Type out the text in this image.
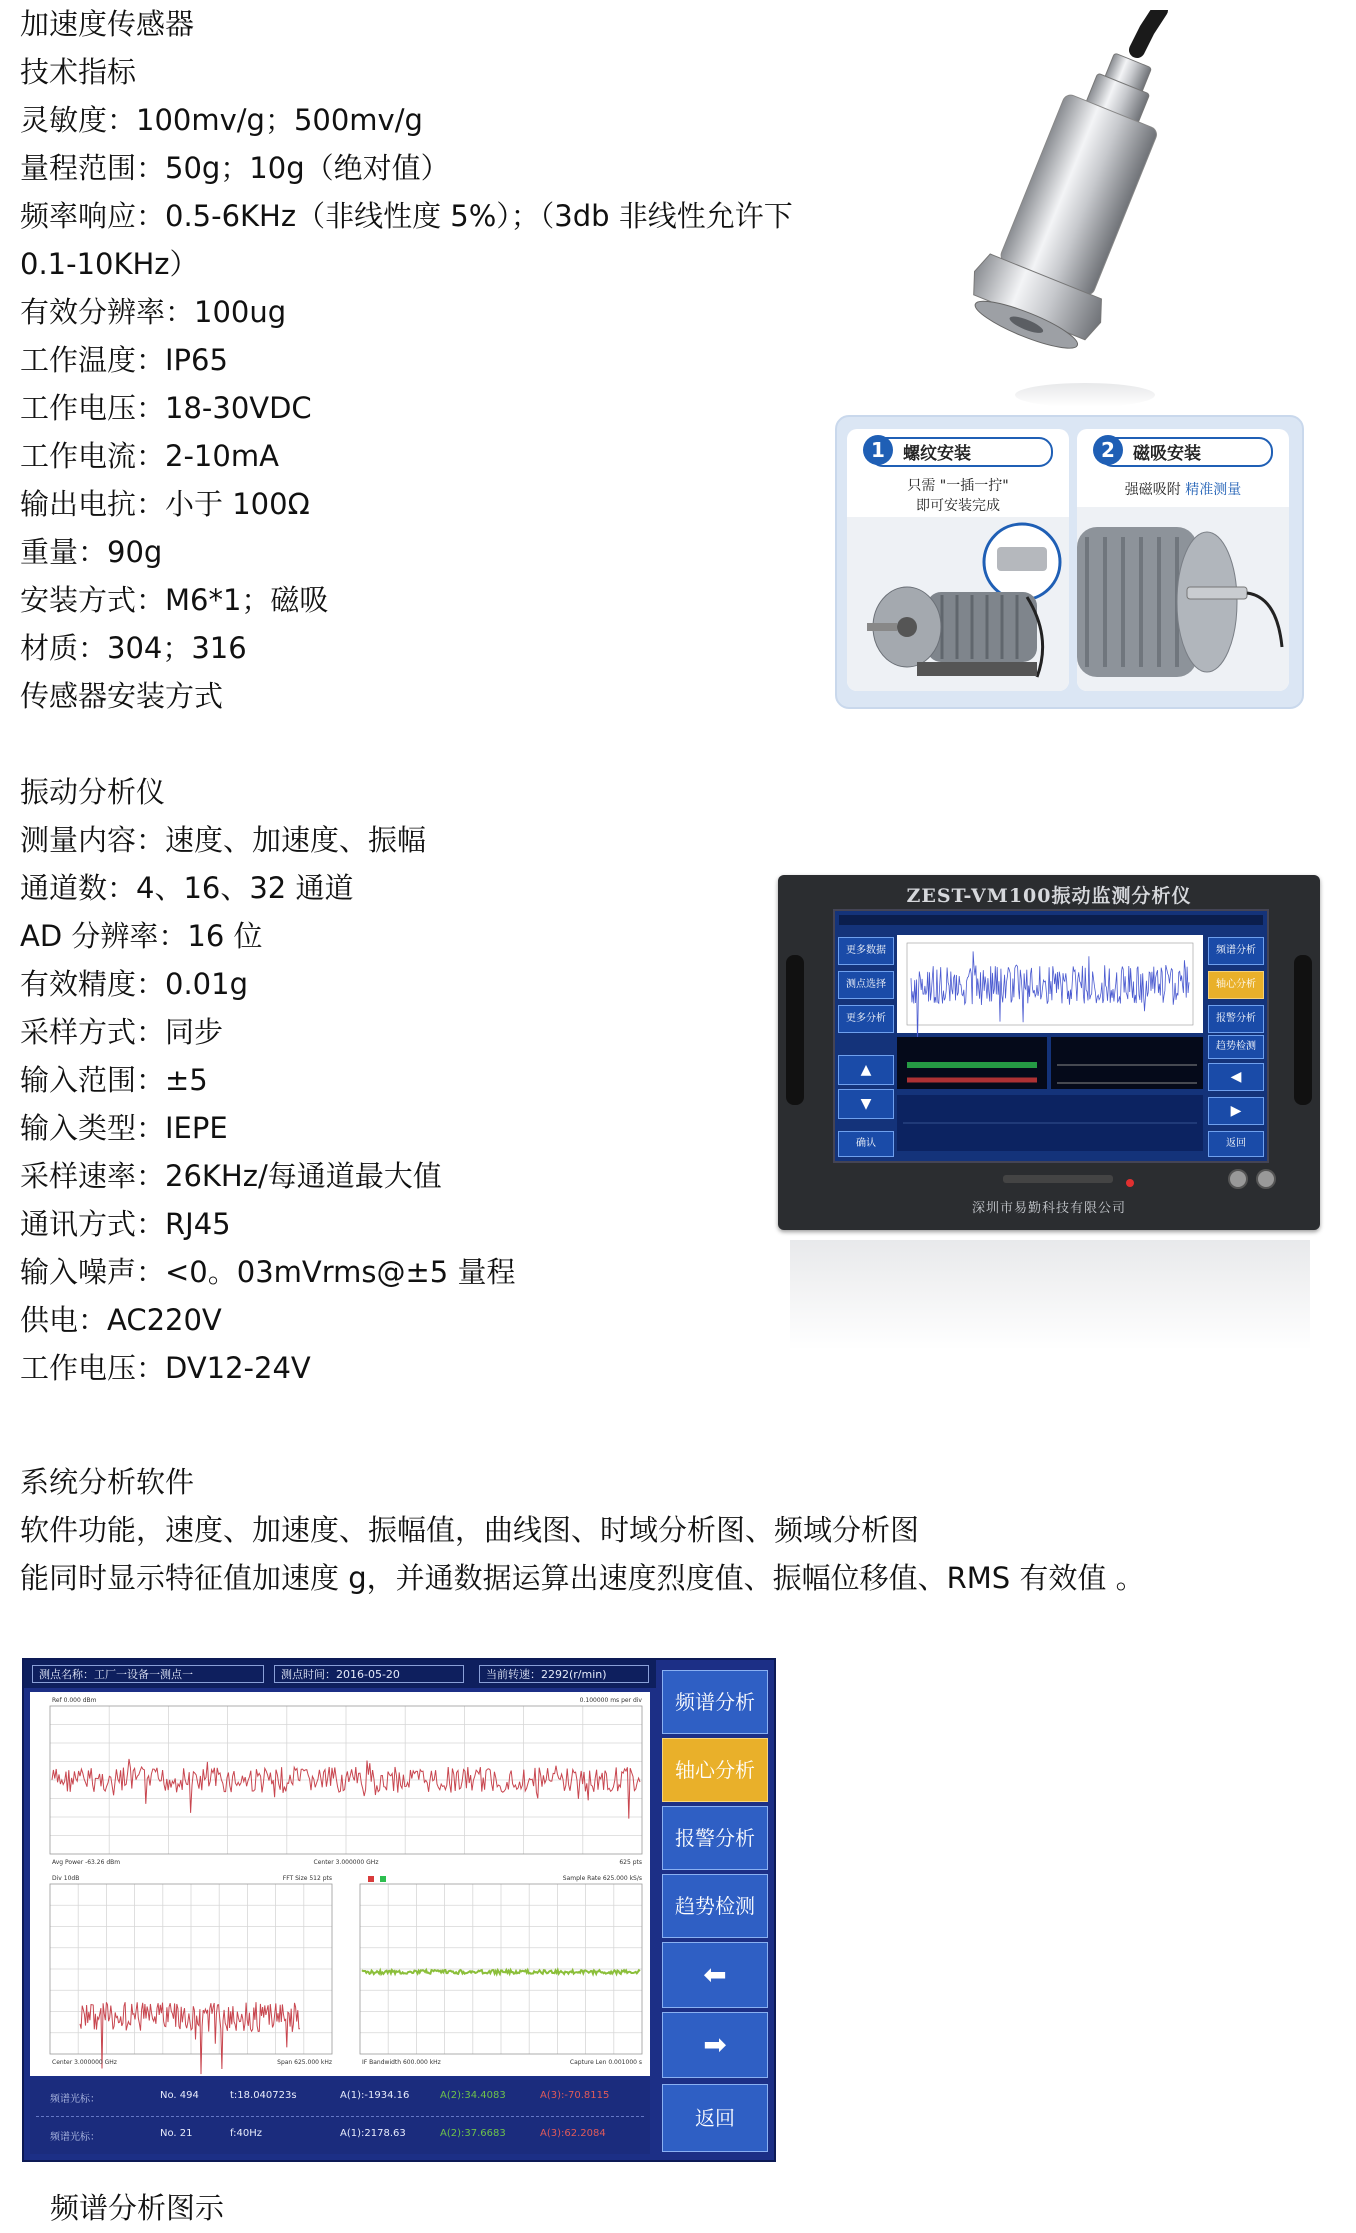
加速度传感器
技术指标
灵敏度：100mv/g；500mv/g
量程范围：50g；10g（绝对值）
频率响应：0.5-6KHz（非线性度 5%）；（3db 非线性允许下
0.1-10KHz）
有效分辨率：100ug
工作温度：IP65
工作电压：18-30VDC
工作电流：2-10mA
输出电抗：小于 100Ω
重量：90g
安装方式：M6*1；磁吸
材质：304；316
传感器安装方式
1	螺纹安装
只需 "一插一拧"
即可安装完成
2	磁吸安装
强磁吸附 精准测量
振动分析仪
测量内容：速度、加速度、振幅
通道数：4、16、32 通道
AD 分辨率：16 位
有效精度：0.01g
采样方式：同步
输入范围：±5
输入类型：IEPE
采样速率：26KHz/每通道最大值
通讯方式：RJ45
输入噪声：<0。03mVrms@±5 量程
供电：AC220V
工作电压：DV12-24V
ZEST-VM100振动监测分析仪
更多数据
测点选择
更多分析
▲
▼
确认
频谱分析
轴心分析
报警分析
趋势检测
◀
▶
返回
深圳市易勤科技有限公司
系统分析软件
软件功能，速度、加速度、振幅值，曲线图、时域分析图、频域分析图
能同时显示特征值加速度 g，并通数据运算出速度烈度值、振幅位移值、RMS 有效值 。
测点名称：工厂一设备一测点一	测点时间：2016-05-20	当前转速：2292(r/min)
Ref 0.000 dBm	0.100000 ms per div
Avg Power -63.26 dBm	Center 3.000000 GHz	625 pts
Div 10dB	FFT Size 512 pts
Center 3.000000 GHz	Span 625.000 kHz
Sample Rate 625.000 kS/s
IF Bandwidth 600.000 kHz	Capture Len 0.001000 s
频谱光标：	No. 494	t:18.040723s	A(1):-1934.16	A(2):34.4083	A(3):-70.8115
频谱光标：	No. 21	f:40Hz	A(1):2178.63	A(2):37.6683	A(3):62.2084
频谱分析
轴心分析
报警分析
趋势检测
⬅
➡
返回
频谱分析图示
